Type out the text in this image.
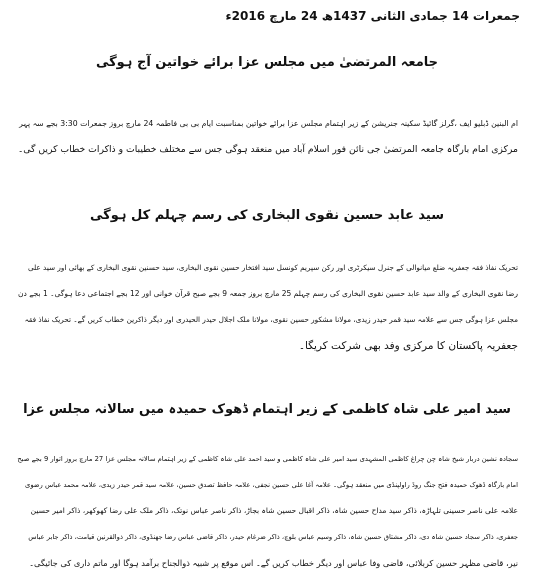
جمعرات 14 جمادی الثانی 1437ھ 24 مارچ 2016ء
جامعہ المرتضیٰ میں مجلس عزا برائے خواتین آج ہوگی
ام البنین ڈبلیو ایف ،گرلز گائیڈ سکینہ جنریشن کے زیر اہتمام مجلس عزا برائے خواتین بمناسبت ایام بی بی فاطمہ 24 مارچ بروز جمعرات 3:30 بجے سہ پہر
مرکزی امام بارگاہ جامعہ المرتضیٰ جی نائن فور اسلام آباد میں منعقد ہوگی جس سے مختلف خطیبات و ذاکرات خطاب کریں گی۔
سید عابد حسین نقوی البخاری کی رسم چہلم کل ہوگی
تحریک نفاذ فقہ جعفریہ ضلع میانوالی کے جنرل سیکرٹری اور رکن سپریم کونسل سید افتخار حسین نقوی البخاری، سید حسنین نقوی البخاری کے بھائی اور سید علی
رضا نقوی البخاری کے والد سید عابد حسین نقوی البخاری کی رسم چہلم 25 مارچ بروز جمعہ 9 بجے صبح قرآن خوانی اور 12 بجے اجتماعی دعا ہوگی۔ 1 بجے دن
مجلس عزا ہوگی جس سے علامہ سید قمر حیدر زیدی، مولانا مشکور حسین نقوی، مولانا ملک اجلال حیدر الحیدری اور دیگر ذاکرین خطاب کریں گے۔ تحریک نفاذ فقہ
جعفریہ پاکستان کا مرکزی وفد بھی شرکت کریگا۔
سید امیر علی شاہ کاظمی کے زیر اہتمام ڈھوک حمیدہ میں سالانہ مجلس عزا
سجادہ نشین دربار شیخ شاہ چن چراغ کاظمی المشہدی سید امیر علی شاہ کاظمی و سید احمد علی شاہ کاظمی کے زیر اہتمام سالانہ مجلس عزا 27 مارچ بروز اتوار 9 بجے صبح
امام بارگاہ ڈھوک حمیدہ فتح جنگ روڈ راولپنڈی میں منعقد ہوگی۔ علامہ آغا علی حسین نجفی، علامہ حافظ تصدق حسین، علامہ سید قمر حیدر زیدی، علامہ محمد عباس رضوی
علامہ علی ناصر حسینی تلہاڑہ، ذاکر سید مداح حسین شاہ، ذاکر اقبال حسین شاہ بجاڑ، ذاکر ناصر عباس نوتک، ذاکر ملک علی رضا کھوکھر، ذاکر امیر حسین
جعفری، ذاکر سجاد حسین شاہ دی، ذاکر مشتاق حسین شاہ، ذاکر وسیم عباس بلوچ، ذاکر ضرغام حیدر، ذاکر قاضی عباس رضا جھنڈوی، ذاکر ذوالقرنین قیامت، ذاکر جابر عباس
نیر، قاضی مظہر حسین کربلائی، قاضی وفا عباس اور دیگر خطاب کریں گے۔ اس موقع پر شبیہ ذوالجناح برآمد ہوگا اور ماتم داری کی جائیگی۔
